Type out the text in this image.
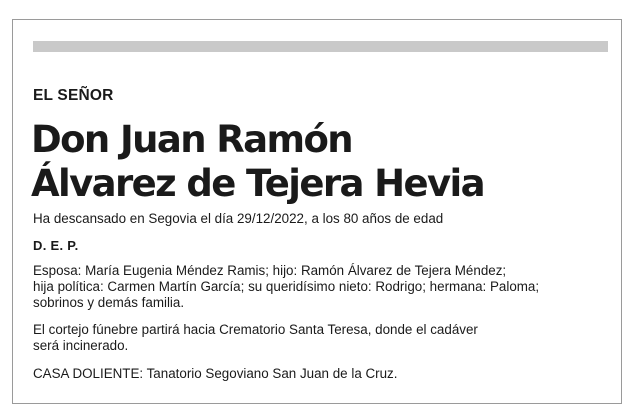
EL SEÑOR
Don Juan Ramón
Álvarez de Tejera Hevia
Ha descansado en Segovia el día 29/12/2022, a los 80 años de edad
D. E. P.
Esposa: María Eugenia Méndez Ramis; hijo: Ramón Álvarez de Tejera Méndez;
hija política: Carmen Martín García; su queridísimo nieto: Rodrigo; hermana: Paloma;
sobrinos y demás familia.
El cortejo fúnebre partirá hacia Crematorio Santa Teresa, donde el cadáver
será incinerado.
CASA DOLIENTE: Tanatorio Segoviano San Juan de la Cruz.
